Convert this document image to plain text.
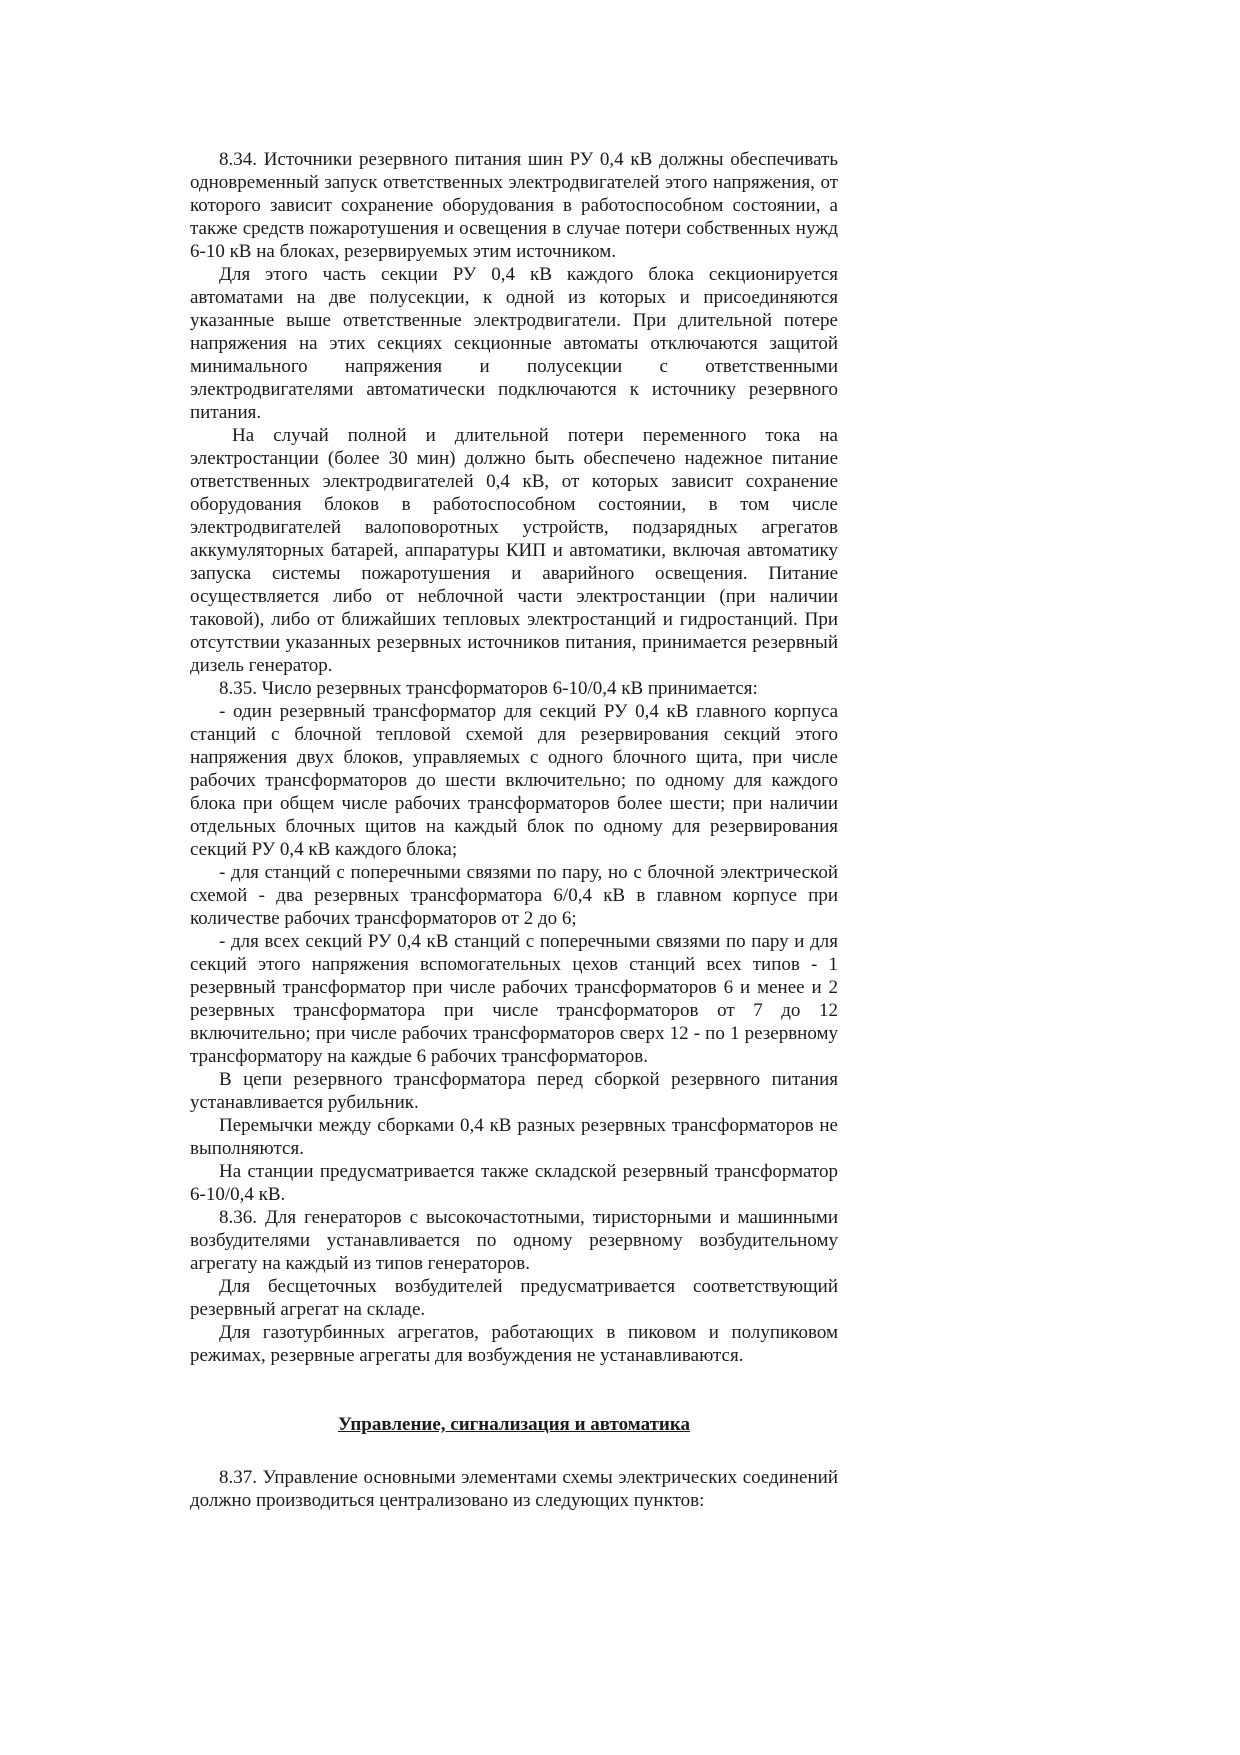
8.34. Источники резервного питания шин РУ 0,4 кВ должны обеспечивать одновременный запуск ответственных электродвигателей этого напряжения, от которого зависит сохранение оборудования в работоспособном состоянии, а также средств пожаротушения и освещения в случае потери собственных нужд 6-10 кВ на блоках, резервируемых этим источником.

Для этого часть секции РУ 0,4 кВ каждого блока секционируется автоматами на две полусекции, к одной из которых и присоединяются указанные выше ответственные электродвигатели. При длительной потере напряжения на этих секциях секционные автоматы отключаются защитой минимального напряжения и полусекции с ответственными электродвигателями автоматически подключаются к источнику резервного питания.

На случай полной и длительной потери переменного тока на электростанции (более 30 мин) должно быть обеспечено надежное питание ответственных электродвигателей 0,4 кВ, от которых зависит сохранение оборудования блоков в работоспособном состоянии, в том числе электродвигателей валоповоротных устройств, подзарядных агрегатов аккумуляторных батарей, аппаратуры КИП и автоматики, включая автоматику запуска системы пожаротушения и аварийного освещения. Питание осуществляется либо от неблочной части электростанции (при наличии таковой), либо от ближайших тепловых электростанций и гидростанций. При отсутствии указанных резервных источников питания, принимается резервный дизель генератор.

8.35. Число резервных трансформаторов 6-10/0,4 кВ принимается:

- один резервный трансформатор для секций РУ 0,4 кВ главного корпуса станций с блочной тепловой схемой для резервирования секций этого напряжения двух блоков, управляемых с одного блочного щита, при числе рабочих трансформаторов до шести включительно; по одному для каждого блока при общем числе рабочих трансформаторов более шести; при наличии отдельных блочных щитов на каждый блок по одному для резервирования секций РУ 0,4 кВ каждого блока;

- для станций с поперечными связями по пару, но с блочной электрической схемой - два резервных трансформатора 6/0,4 кВ в главном корпусе при количестве рабочих трансформаторов от 2 до 6;

- для всех секций РУ 0,4 кВ станций с поперечными связями по пару и для секций этого напряжения вспомогательных цехов станций всех типов - 1 резервный трансформатор при числе рабочих трансформаторов 6 и менее и 2 резервных трансформатора при числе трансформаторов от 7 до 12 включительно; при числе рабочих трансформаторов сверх 12 - по 1 резервному трансформатору на каждые 6 рабочих трансформаторов.

В цепи резервного трансформатора перед сборкой резервного питания устанавливается рубильник.

Перемычки между сборками 0,4 кВ разных резервных трансформаторов не выполняются.

На станции предусматривается также складской резервный трансформатор 6-10/0,4 кВ.

8.36. Для генераторов с высокочастотными, тиристорными и машинными возбудителями устанавливается по одному резервному возбудительному агрегату на каждый из типов генераторов.

Для бесщеточных возбудителей предусматривается соответствующий резервный агрегат на складе.

Для газотурбинных агрегатов, работающих в пиковом и полупиковом режимах, резервные агрегаты для возбуждения не устанавливаются.

Управление, сигнализация и автоматика

8.37. Управление основными элементами схемы электрических соединений должно производиться централизовано из следующих пунктов:
